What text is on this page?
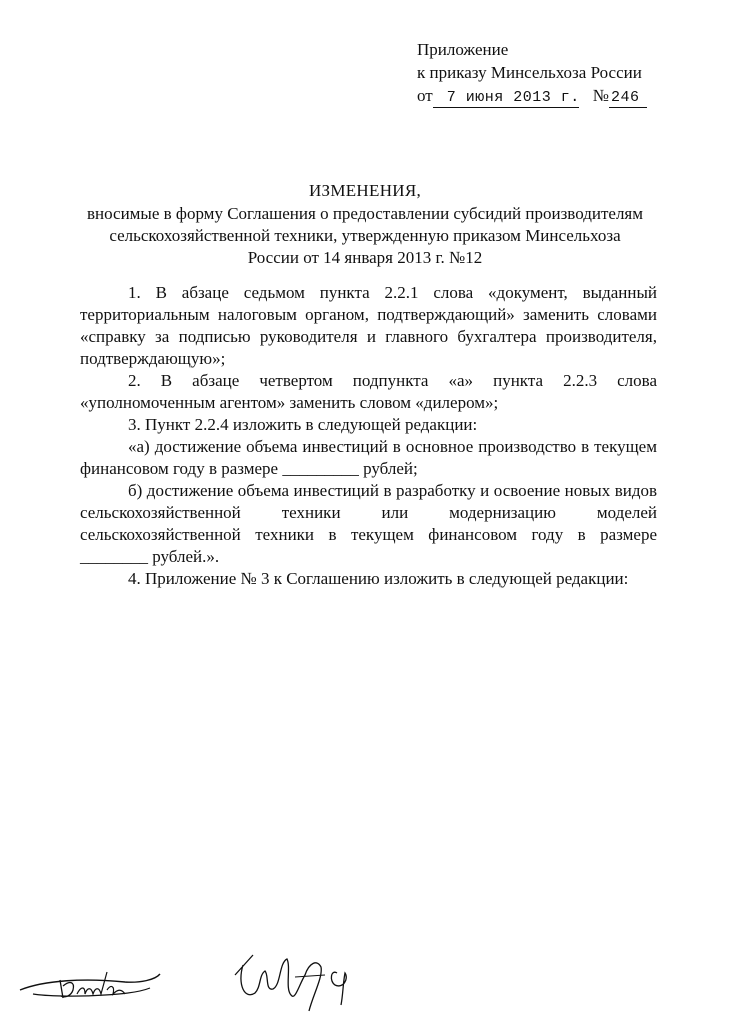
Приложение
к приказу Минсельхоза России
от 7 июня 2013 г. № 246
ИЗМЕНЕНИЯ,
вносимые в форму Соглашения о предоставлении субсидий производителям
сельскохозяйственной техники, утвержденную приказом Минсельхоза
России от 14 января 2013 г. №12

1. В абзаце седьмом пункта 2.2.1 слова «документ, выданный территориальным налоговым органом, подтверждающий» заменить словами «справку за подписью руководителя и главного бухгалтера производителя, подтверждающую»;

2. В абзаце четвертом подпункта «а» пункта 2.2.3 слова «уполномоченным агентом» заменить словом «дилером»;

3. Пункт 2.2.4 изложить в следующей редакции:

«а) достижение объема инвестиций в основное производство в текущем финансовом году в размере _________ рублей;

б) достижение объема инвестиций в разработку и освоение новых видов сельскохозяйственной техники или модернизацию моделей сельскохозяйственной техники в текущем финансовом году в размере ________ рублей.».

4. Приложение № 3 к Соглашению изложить в следующей редакции:
